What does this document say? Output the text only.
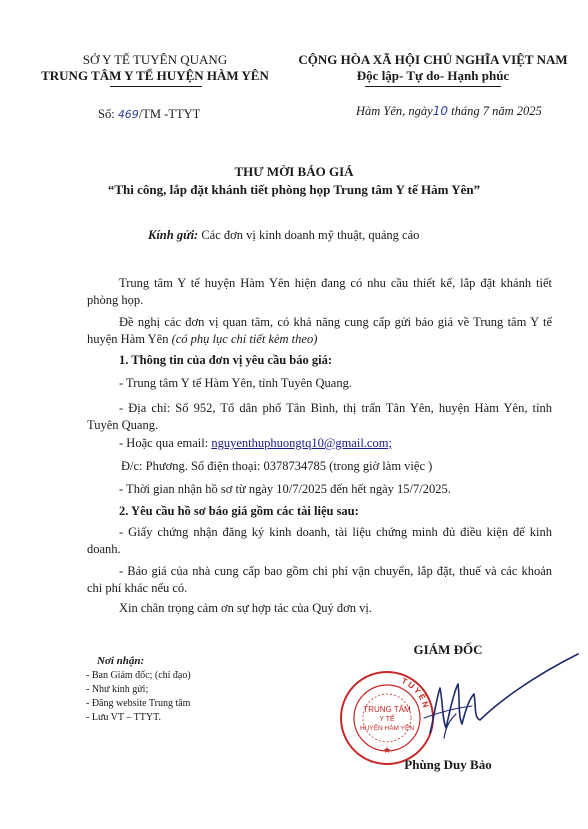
SỞ Y TẾ TUYÊN QUANG
TRUNG TÂM Y TẾ HUYỆN HÀM YÊN
CỘNG HÒA XÃ HỘI CHỦ NGHĨA VIỆT NAM
Độc lập- Tự do- Hạnh phúc
Số: 469/TM -TTYT	Hàm Yên, ngày10 tháng 7 năm 2025
THƯ MỜI BÁO GIÁ
“Thi công, lắp đặt khánh tiết phòng họp Trung tâm Y tế Hàm Yên”
Kính gửi: Các đơn vị kinh doanh mỹ thuật, quảng cáo
Trung tâm Y tế huyện Hàm Yên hiện đang có nhu cầu thiết kế, lắp đặt khánh tiết phòng họp.
Đề nghị các đơn vị quan tâm, có khả năng cung cấp gửi báo giá về Trung tâm Y tế huyện Hàm Yên (có phụ lục chi tiết kèm theo)
1. Thông tin của đơn vị yêu cầu báo giá:
- Trung tâm Y tế Hàm Yên, tỉnh Tuyên Quang.
- Địa chỉ: Số 952, Tổ dân phố Tân Bình, thị trấn Tân Yên, huyện Hàm Yên, tỉnh Tuyên Quang.
- Hoặc qua email: nguyenthuphuongtq10@gmail.com;
Đ/c: Phương. Số điện thoại: 0378734785 (trong giờ làm việc )
- Thời gian nhận hồ sơ từ ngày 10/7/2025 đến hết ngày 15/7/2025.
2. Yêu cầu hồ sơ báo giá gồm các tài liệu sau:
- Giấy chứng nhận đăng ký kinh doanh, tài liệu chứng minh đủ điều kiện để kinh doanh.
- Báo giá của nhà cung cấp bao gồm chi phí vận chuyển, lắp đặt, thuế và các khoản chi phí khác nếu có.
Xin chân trọng cảm ơn sự hợp tác của Quý đơn vị.
Nơi nhận:
- Ban Giám đốc; (chỉ đạo)
- Như kính gửi;
- Đăng website Trung tâm
- Lưu VT – TTYT.
GIÁM ĐỐC
TUYÊN
TRUNG TÂM
Y TẾ
HUYỆN HÀM YÊN
★
Phùng Duy Bảo
